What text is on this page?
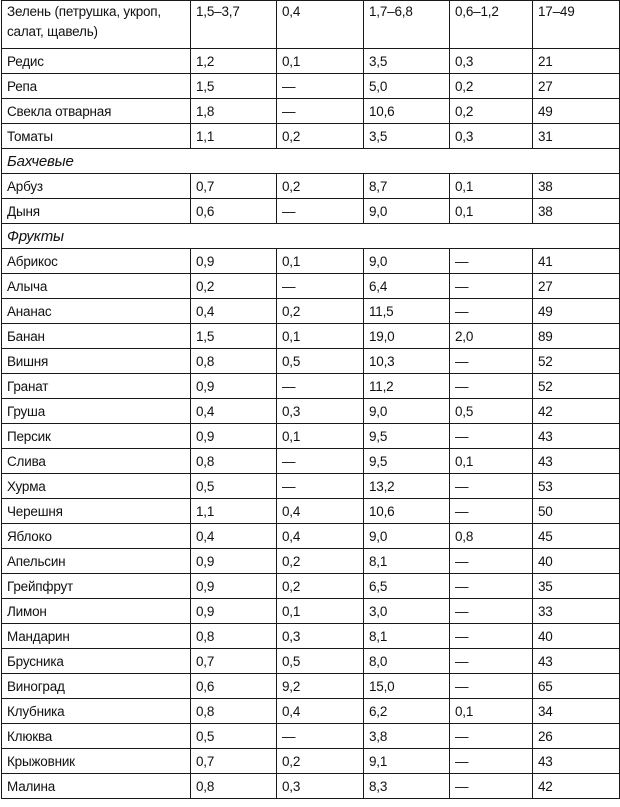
Зелень (петрушка, укроп, салат, щавель)	1,5–3,7	0,4	1,7–6,8	0,6–1,2	17–49
Редис	1,2	0,1	3,5	0,3	21
Репа	1,5	—	5,0	0,2	27
Свекла отварная	1,8	—	10,6	0,2	49
Томаты	1,1	0,2	3,5	0,3	31
Бахчевые					
Арбуз	0,7	0,2	8,7	0,1	38
Дыня	0,6	—	9,0	0,1	38
Фрукты					
Абрикос	0,9	0,1	9,0	—	41
Алыча	0,2	—	6,4	—	27
Ананас	0,4	0,2	11,5	—	49
Банан	1,5	0,1	19,0	2,0	89
Вишня	0,8	0,5	10,3	—	52
Гранат	0,9	—	11,2	—	52
Груша	0,4	0,3	9,0	0,5	42
Персик	0,9	0,1	9,5	—	43
Слива	0,8	—	9,5	0,1	43
Хурма	0,5	—	13,2	—	53
Черешня	1,1	0,4	10,6	—	50
Яблоко	0,4	0,4	9,0	0,8	45
Апельсин	0,9	0,2	8,1	—	40
Грейпфрут	0,9	0,2	6,5	—	35
Лимон	0,9	0,1	3,0	—	33
Мандарин	0,8	0,3	8,1	—	40
Брусника	0,7	0,5	8,0	—	43
Виноград	0,6	9,2	15,0	—	65
Клубника	0,8	0,4	6,2	0,1	34
Клюква	0,5	—	3,8	—	26
Крыжовник	0,7	0,2	9,1	—	43
Малина	0,8	0,3	8,3	—	42
